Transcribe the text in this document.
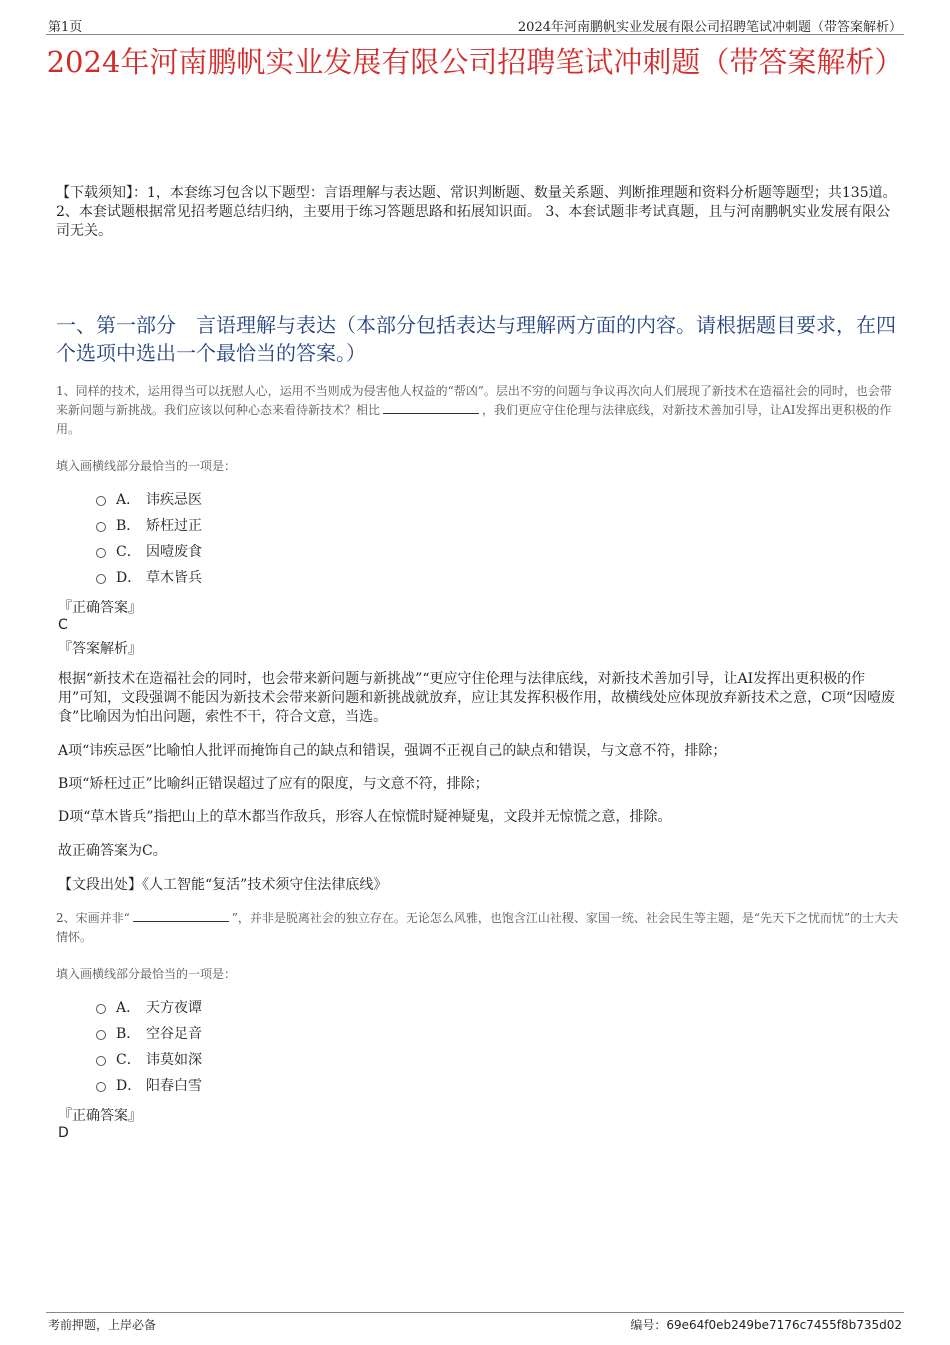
第1页	2024年河南鹏帆实业发展有限公司招聘笔试冲刺题（带答案解析）
2024年河南鹏帆实业发展有限公司招聘笔试冲刺题（带答案解析）
【下载须知】：1，本套练习包含以下题型：言语理解与表达题、常识判断题、数量关系题、判断推理题和资料分析题等题型；共135道。 2、本套试题根据常见招考题总结归纳，主要用于练习答题思路和拓展知识面。 3、本套试题非考试真题，且与河南鹏帆实业发展有限公司无关。
一、第一部分　言语理解与表达（本部分包括表达与理解两方面的内容。请根据题目要求，在四个选项中选出一个最恰当的答案。）
1、同样的技术，运用得当可以抚慰人心，运用不当则成为侵害他人权益的“帮凶”。层出不穷的问题与争议再次向人们展现了新技术在造福社会的同时，也会带来新问题与新挑战。我们应该以何种心态来看待新技术？相比	，我们更应守住伦理与法律底线，对新技术善加引导，让AI发挥出更积极的作用。
填入画横线部分最恰当的一项是：
A． 讳疾忌医
B． 矫枉过正
C． 因噎废食
D． 草木皆兵
『正确答案』
C
『答案解析』
根据“新技术在造福社会的同时，也会带来新问题与新挑战”“更应守住伦理与法律底线，对新技术善加引导，让AI发挥出更积极的作用”可知，文段强调不能因为新技术会带来新问题和新挑战就放弃，应让其发挥积极作用，故横线处应体现放弃新技术之意，C项“因噎废食”比喻因为怕出问题，索性不干，符合文意，当选。
A项“讳疾忌医”比喻怕人批评而掩饰自己的缺点和错误，强调不正视自己的缺点和错误，与文意不符，排除；
B项“矫枉过正”比喻纠正错误超过了应有的限度，与文意不符，排除；
D项“草木皆兵”指把山上的草木都当作敌兵，形容人在惊慌时疑神疑鬼，文段并无惊慌之意，排除。
故正确答案为C。
【文段出处】《人工智能“复活”技术须守住法律底线》
2、宋画并非“	”，并非是脱离社会的独立存在。无论怎么风雅，也饱含江山社稷、家国一统、社会民生等主题，是“先天下之忧而忧”的士大夫情怀。
填入画横线部分最恰当的一项是：
A． 天方夜谭
B． 空谷足音
C． 讳莫如深
D． 阳春白雪
『正确答案』
D
考前押题，上岸必备	编号：69e64f0eb249be7176c7455f8b735d02
